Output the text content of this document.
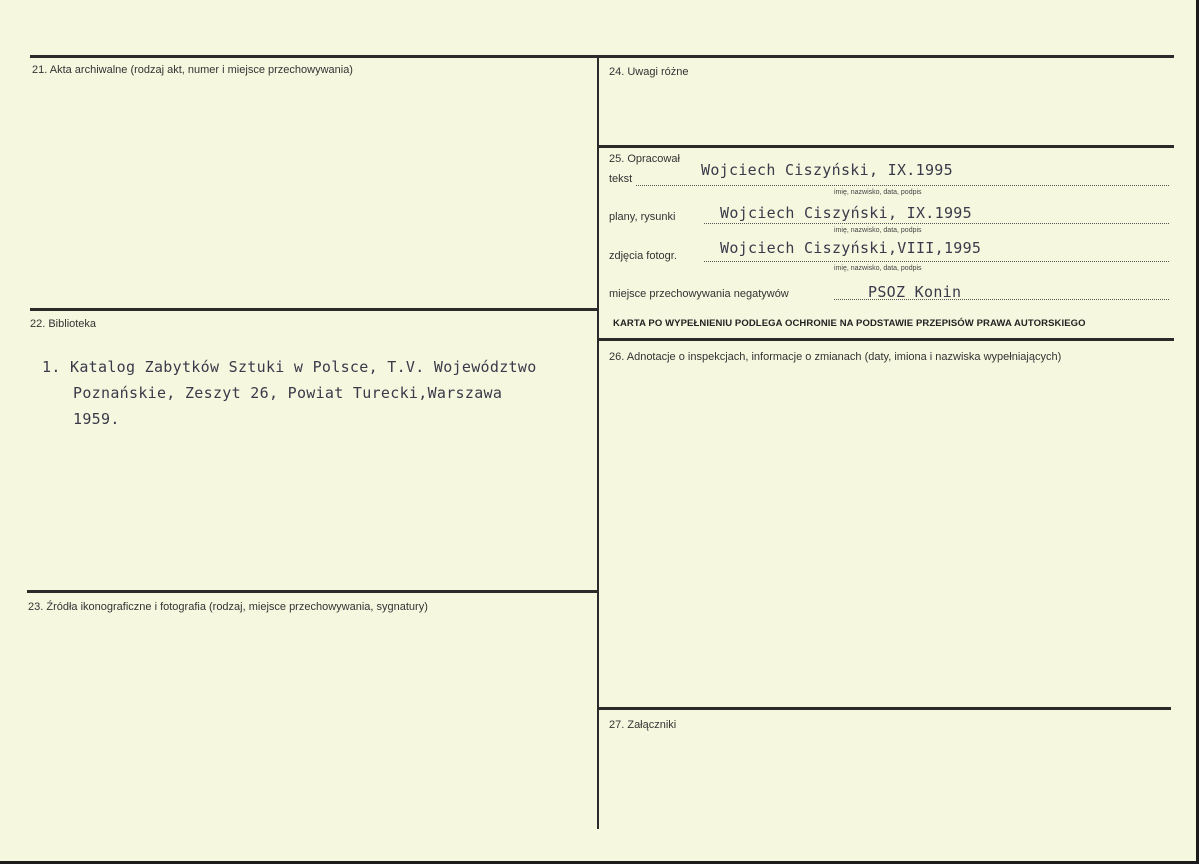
21. Akta archiwalne (rodzaj akt, numer i miejsce przechowywania)
22. Biblioteka
1. Katalog Zabytków Sztuki w Polsce, T.V. Województwo
Poznańskie, Zeszyt 26, Powiat Turecki,Warszawa
1959.
23. Źródła ikonograficzne i fotografia (rodzaj, miejsce przechowywania, sygnatury)
24. Uwagi różne
25. Opracował
tekst	Wojciech Ciszyński, IX.1995
imię, nazwisko, data, podpis
plany, rysunki	Wojciech Ciszyński, IX.1995
imię, nazwisko, data, podpis
zdjęcia fotogr.	Wojciech Ciszyński,VIII,1995
imię, nazwisko, data, podpis
miejsce przechowywania negatywów	PSOZ Konin
KARTA PO WYPEŁNIENIU PODLEGA OCHRONIE NA PODSTAWIE PRZEPISÓW PRAWA AUTORSKIEGO
26. Adnotacje o inspekcjach, informacje o zmianach (daty, imiona i nazwiska wypełniających)
27. Załączniki
